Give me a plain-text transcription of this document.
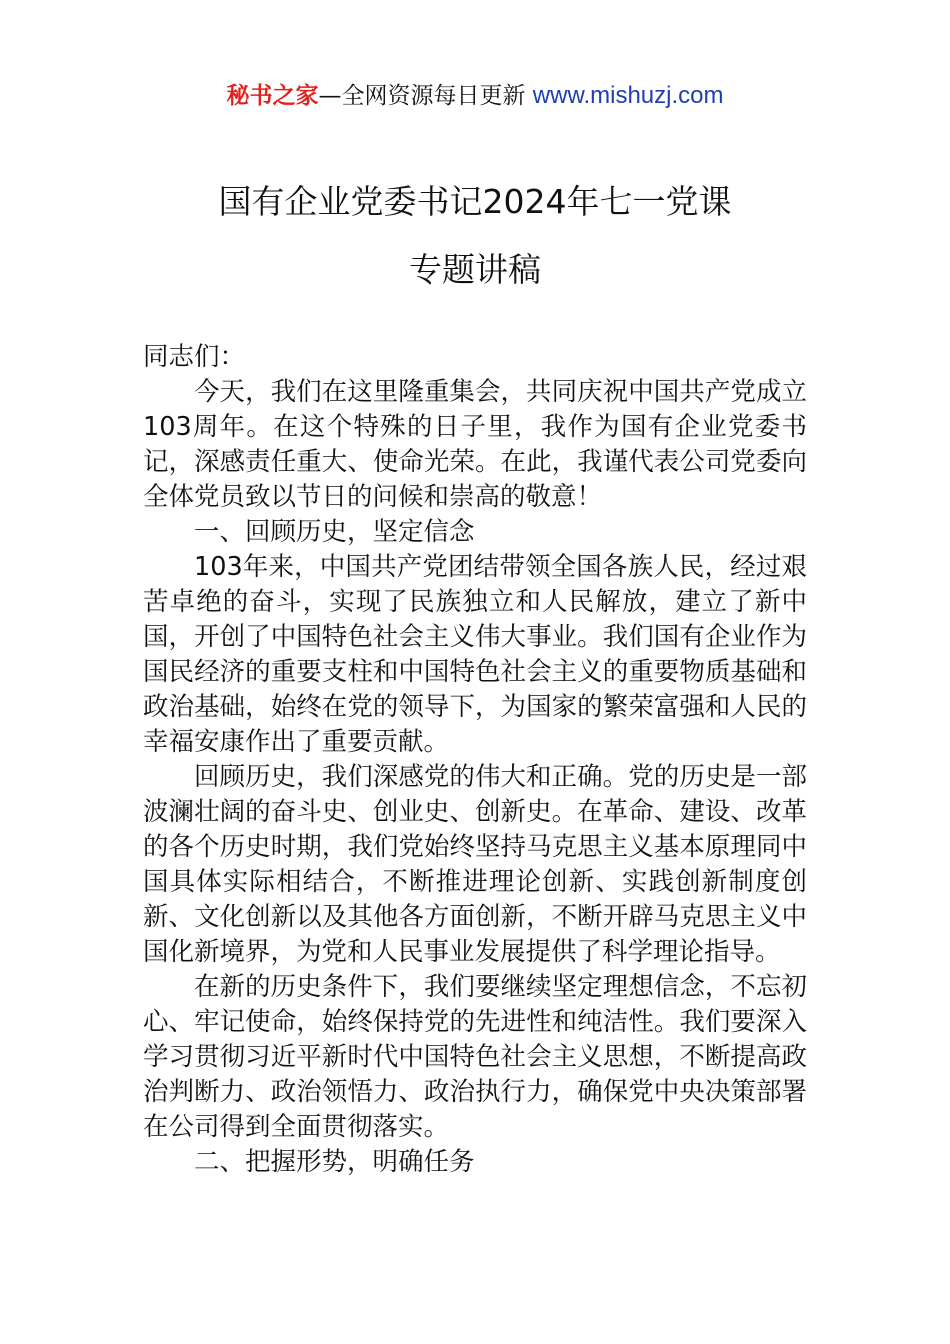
秘书之家—全网资源每日更新 www.mishuzj.com
国有企业党委书记2024年七一党课
专题讲稿

同志们：

今天，我们在这里隆重集会，共同庆祝中国共产党成立103周年。在这个特殊的日子里，我作为国有企业党委书记，深感责任重大、使命光荣。在此，我谨代表公司党委向全体党员致以节日的问候和崇高的敬意！

一、回顾历史，坚定信念

103年来，中国共产党团结带领全国各族人民，经过艰苦卓绝的奋斗，实现了民族独立和人民解放，建立了新中国，开创了中国特色社会主义伟大事业。我们国有企业作为国民经济的重要支柱和中国特色社会主义的重要物质基础和政治基础，始终在党的领导下，为国家的繁荣富强和人民的幸福安康作出了重要贡献。

回顾历史，我们深感党的伟大和正确。党的历史是一部波澜壮阔的奋斗史、创业史、创新史。在革命、建设、改革的各个历史时期，我们党始终坚持马克思主义基本原理同中国具体实际相结合，不断推进理论创新、实践创新制度创新、文化创新以及其他各方面创新，不断开辟马克思主义中国化新境界，为党和人民事业发展提供了科学理论指导。

在新的历史条件下，我们要继续坚定理想信念，不忘初心、牢记使命，始终保持党的先进性和纯洁性。我们要深入学习贯彻习近平新时代中国特色社会主义思想，不断提高政治判断力、政治领悟力、政治执行力，确保党中央决策部署在公司得到全面贯彻落实。

二、把握形势，明确任务
